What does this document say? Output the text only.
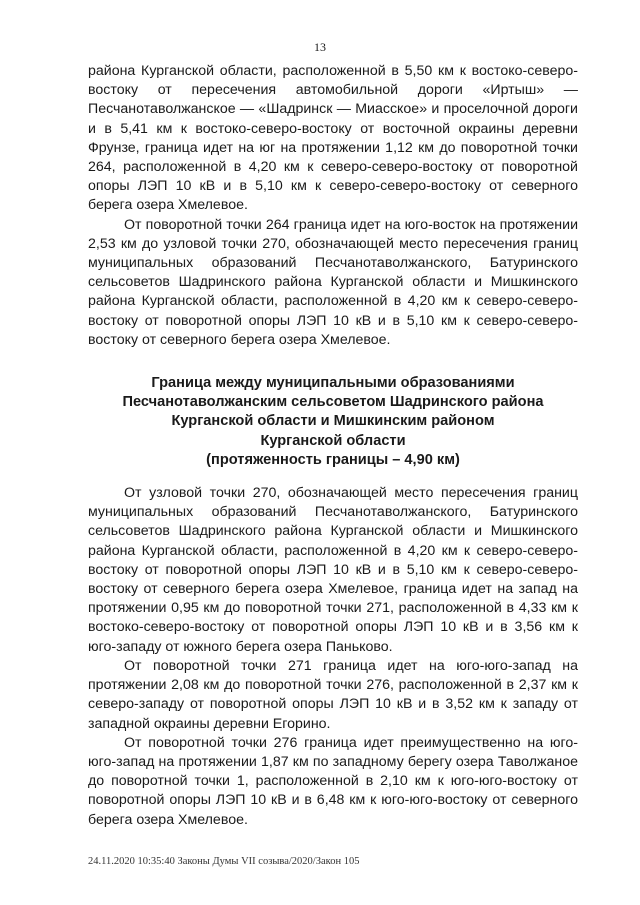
13

района Курганской области, расположенной в 5,50 км к востоко-северо-востоку от пересечения автомобильной дороги «Иртыш» — Песчанотаволжанское — «Шадринск — Миасское» и проселочной дороги и в 5,41 км к востоко-северо-востоку от восточной окраины деревни Фрунзе, граница идет на юг на протяжении 1,12 км до поворотной точки 264, расположенной в 4,20 км к северо-северо-востоку от поворотной опоры ЛЭП 10 кВ и в 5,10 км к северо-северо-востоку от северного берега озера Хмелевое.

От поворотной точки 264 граница идет на юго-восток на протяжении 2,53 км до узловой точки 270, обозначающей место пересечения границ муниципальных образований Песчанотаволжанского, Батуринского сельсоветов Шадринского района Курганской области и Мишкинского района Курганской области, расположенной в 4,20 км к северо-северо-востоку от поворотной опоры ЛЭП 10 кВ и в 5,10 км к северо-северо-востоку от северного берега озера Хмелевое.

Граница между муниципальными образованиями
Песчанотаволжанским сельсоветом Шадринского района
Курганской области и Мишкинским районом
Курганской области
(протяженность границы – 4,90 км)

От узловой точки 270, обозначающей место пересечения границ муниципальных образований Песчанотаволжанского, Батуринского сельсоветов Шадринского района Курганской области и Мишкинского района Курганской области, расположенной в 4,20 км к северо-северо-востоку от поворотной опоры ЛЭП 10 кВ и в 5,10 км к северо-северо-востоку от северного берега озера Хмелевое, граница идет на запад на протяжении 0,95 км до поворотной точки 271, расположенной в 4,33 км к востоко-северо-востоку от поворотной опоры ЛЭП 10 кВ и в 3,56 км к юго-западу от южного берега озера Паньково.

От поворотной точки 271 граница идет на юго-юго-запад на протяжении 2,08 км до поворотной точки 276, расположенной в 2,37 км к северо-западу от поворотной опоры ЛЭП 10 кВ и в 3,52 км к западу от западной окраины деревни Егорино.

От поворотной точки 276 граница идет преимущественно на юго-юго-запад на протяжении 1,87 км по западному берегу озера Таволжаное до поворотной точки 1, расположенной в 2,10 км к юго-юго-востоку от поворотной опоры ЛЭП 10 кВ и в 6,48 км к юго-юго-востоку от северного берега озера Хмелевое.

24.11.2020 10:35:40 Законы Думы VII созыва/2020/Закон 105
